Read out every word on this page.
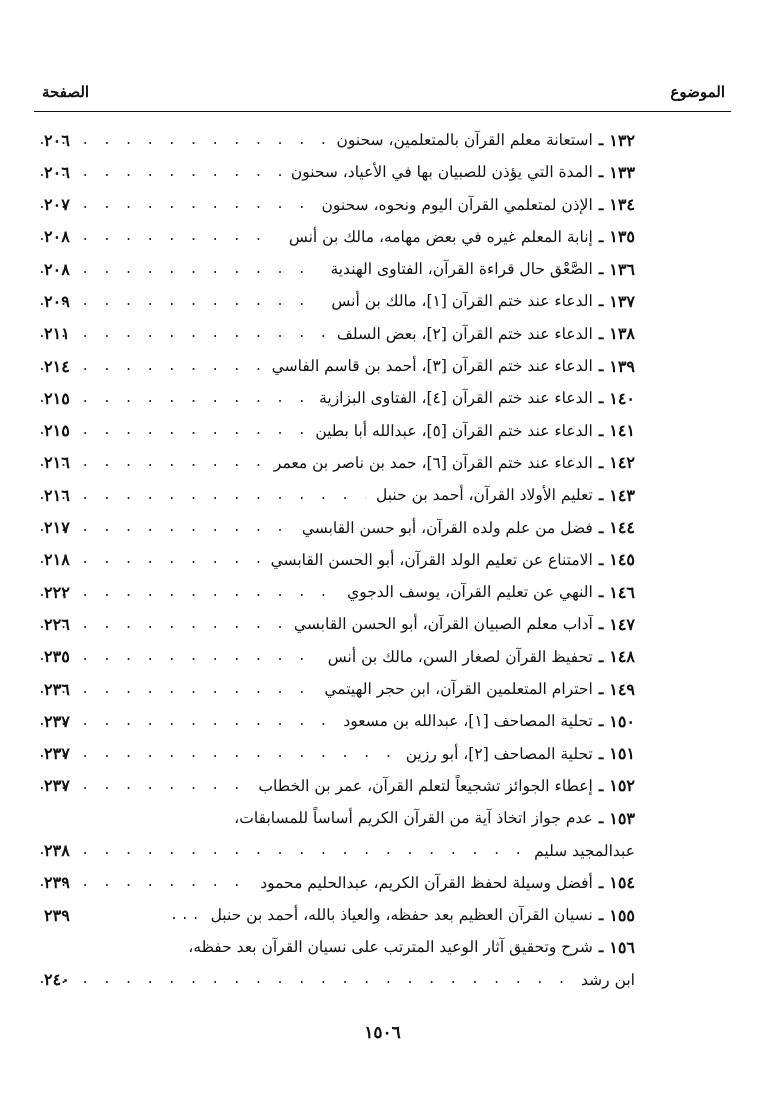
الموضوع
الصفحة
١٣٢
ـ
استعانة معلم القرآن بالمتعلمين، سحنون
. . .
٢٠٦
١٣٣
ـ
المدة التي يؤذن للصبيان بها في الأعياد، سحنون
. . .
٢٠٦
١٣٤
ـ
الإذن لمتعلمي القرآن اليوم ونحوه، سحنون
. . .
٢٠٧
١٣٥
ـ
إنابة المعلم غيره في بعض مهامه، مالك بن أنس
. . .
٢٠٨
١٣٦
ـ
الصَّعْق حال قراءة القرآن، الفتاوى الهندية
. . .
٢٠٨
١٣٧
ـ
الدعاء عند ختم القرآن [١]، مالك بن أنس
. . .
٢٠٩
١٣٨
ـ
الدعاء عند ختم القرآن [٢]، بعض السلف
. . .
٢١١
١٣٩
ـ
الدعاء عند ختم القرآن [٣]، أحمد بن قاسم الفاسي
. . .
٢١٤
١٤٠
ـ
الدعاء عند ختم القرآن [٤]، الفتاوى البزازية
. . .
٢١٥
١٤١
ـ
الدعاء عند ختم القرآن [٥]، عبدالله أبا بطين
. . .
٢١٥
١٤٢
ـ
الدعاء عند ختم القرآن [٦]، حمد بن ناصر بن معمر
. . .
٢١٦
١٤٣
ـ
تعليم الأولاد القرآن، أحمد بن حنبل
. . .
٢١٦
١٤٤
ـ
فضل من علم ولده القرآن، أبو حسن القابسي
. . .
٢١٧
١٤٥
ـ
الامتناع عن تعليم الولد القرآن، أبو الحسن القابسي
. . .
٢١٨
١٤٦
ـ
النهي عن تعليم القرآن، يوسف الدجوي
. . .
٢٢٢
١٤٧
ـ
آداب معلم الصبيان القرآن، أبو الحسن القابسي
. . .
٢٢٦
١٤٨
ـ
تحفيظ القرآن لصغار السن، مالك بن أنس
. . .
٢٣٥
١٤٩
ـ
احترام المتعلمين القرآن، ابن حجر الهيتمي
. . .
٢٣٦
١٥٠
ـ
تحلية المصاحف [١]، عبدالله بن مسعود
. . .
٢٣٧
١٥١
ـ
تحلية المصاحف [٢]، أبو رزين
. . .
٢٣٧
١٥٢
ـ
إعطاء الجوائز تشجيعاً لتعلم القرآن، عمر بن الخطاب
. . .
٢٣٧
١٥٣
ـ
عدم جواز اتخاذ آية من القرآن الكريم أساساً للمسابقات،
عبدالمجيد سليم
. . .
٢٣٨
١٥٤
ـ
أفضل وسيلة لحفظ القرآن الكريم، عبدالحليم محمود
. . .
٢٣٩
١٥٥
ـ
نسيان القرآن العظيم بعد حفظه، والعياذ بالله، أحمد بن حنبل
...
٢٣٩
١٥٦
ـ
شرح وتحقيق آثار الوعيد المترتب على نسيان القرآن بعد حفظه،
ابن رشد
. . .
٢٤٠
١٥٠٦
